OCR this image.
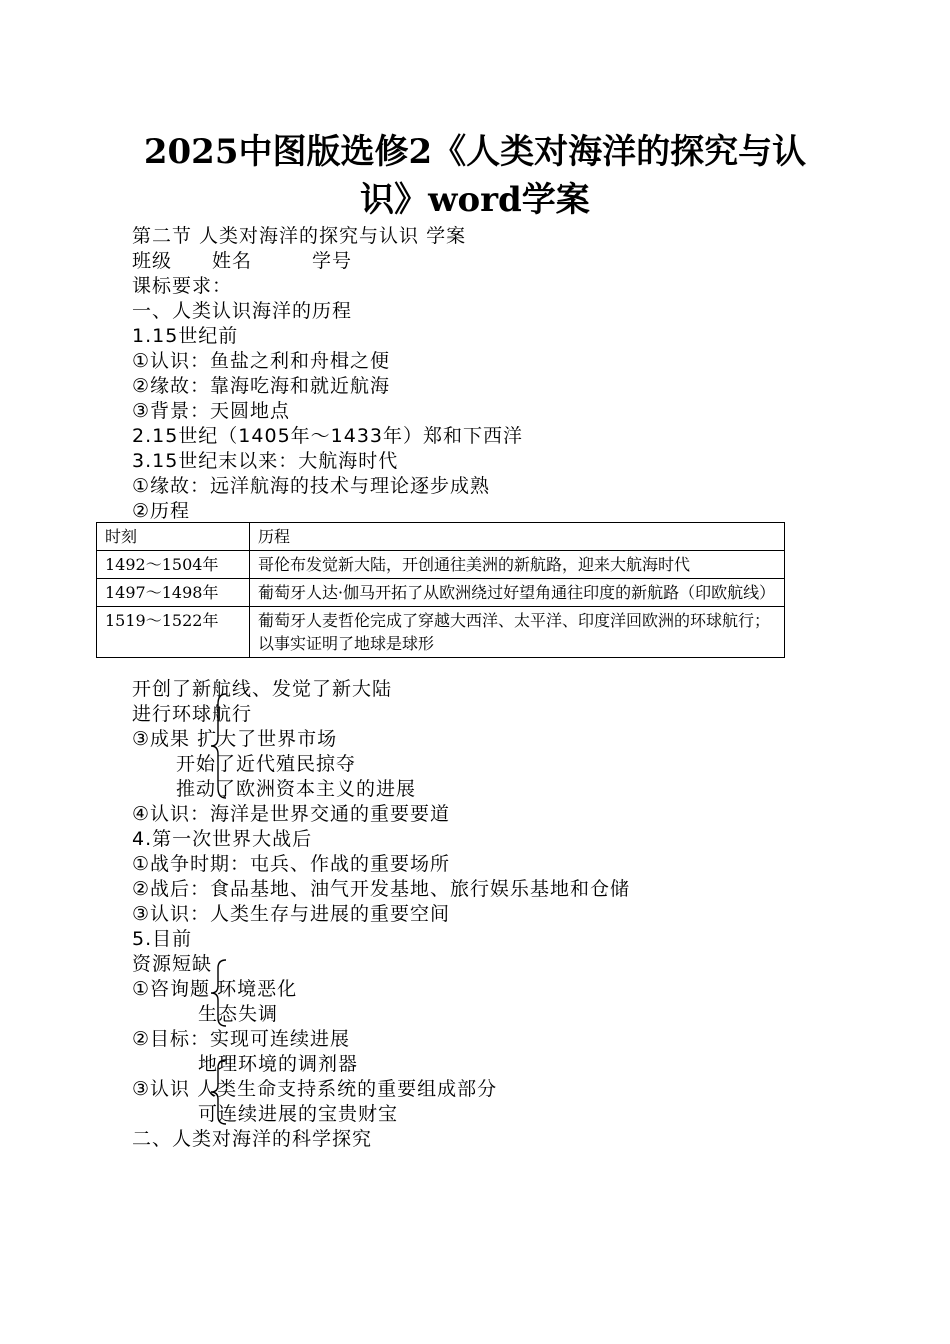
2025中图版选修2《人类对海洋的探究与认
识》word学案
第二节 人类对海洋的探究与认识 学案
班级　　姓名　　　学号
课标要求：
一、人类认识海洋的历程
1.15世纪前
①认识：鱼盐之利和舟楫之便
②缘故：靠海吃海和就近航海
③背景：天圆地点
2.15世纪（1405年～1433年）郑和下西洋
3.15世纪末以来：大航海时代
①缘故：远洋航海的技术与理论逐步成熟
②历程
时刻	历程
1492～1504年	哥伦布发觉新大陆，开创通往美洲的新航路，迎来大航海时代
1497～1498年	葡萄牙人达·伽马开拓了从欧洲绕过好望角通往印度的新航路（印欧航线）
1519～1522年	葡萄牙人麦哲伦完成了穿越大西洋、太平洋、印度洋回欧洲的环球航行；以事实证明了地球是球形
开创了新航线、发觉了新大陆
进行环球航行
③成果 扩大了世界市场
开始了近代殖民掠夺
推动了欧洲资本主义的进展
④认识：海洋是世界交通的重要要道
4.第一次世界大战后
①战争时期：屯兵、作战的重要场所
②战后：食品基地、油气开发基地、旅行娱乐基地和仓储
③认识：人类生存与进展的重要空间
5.目前
资源短缺
①咨询题 环境恶化
生态失调
②目标：实现可连续进展
地理环境的调剂器
③认识 人类生命支持系统的重要组成部分
可连续进展的宝贵财宝
二、人类对海洋的科学探究
